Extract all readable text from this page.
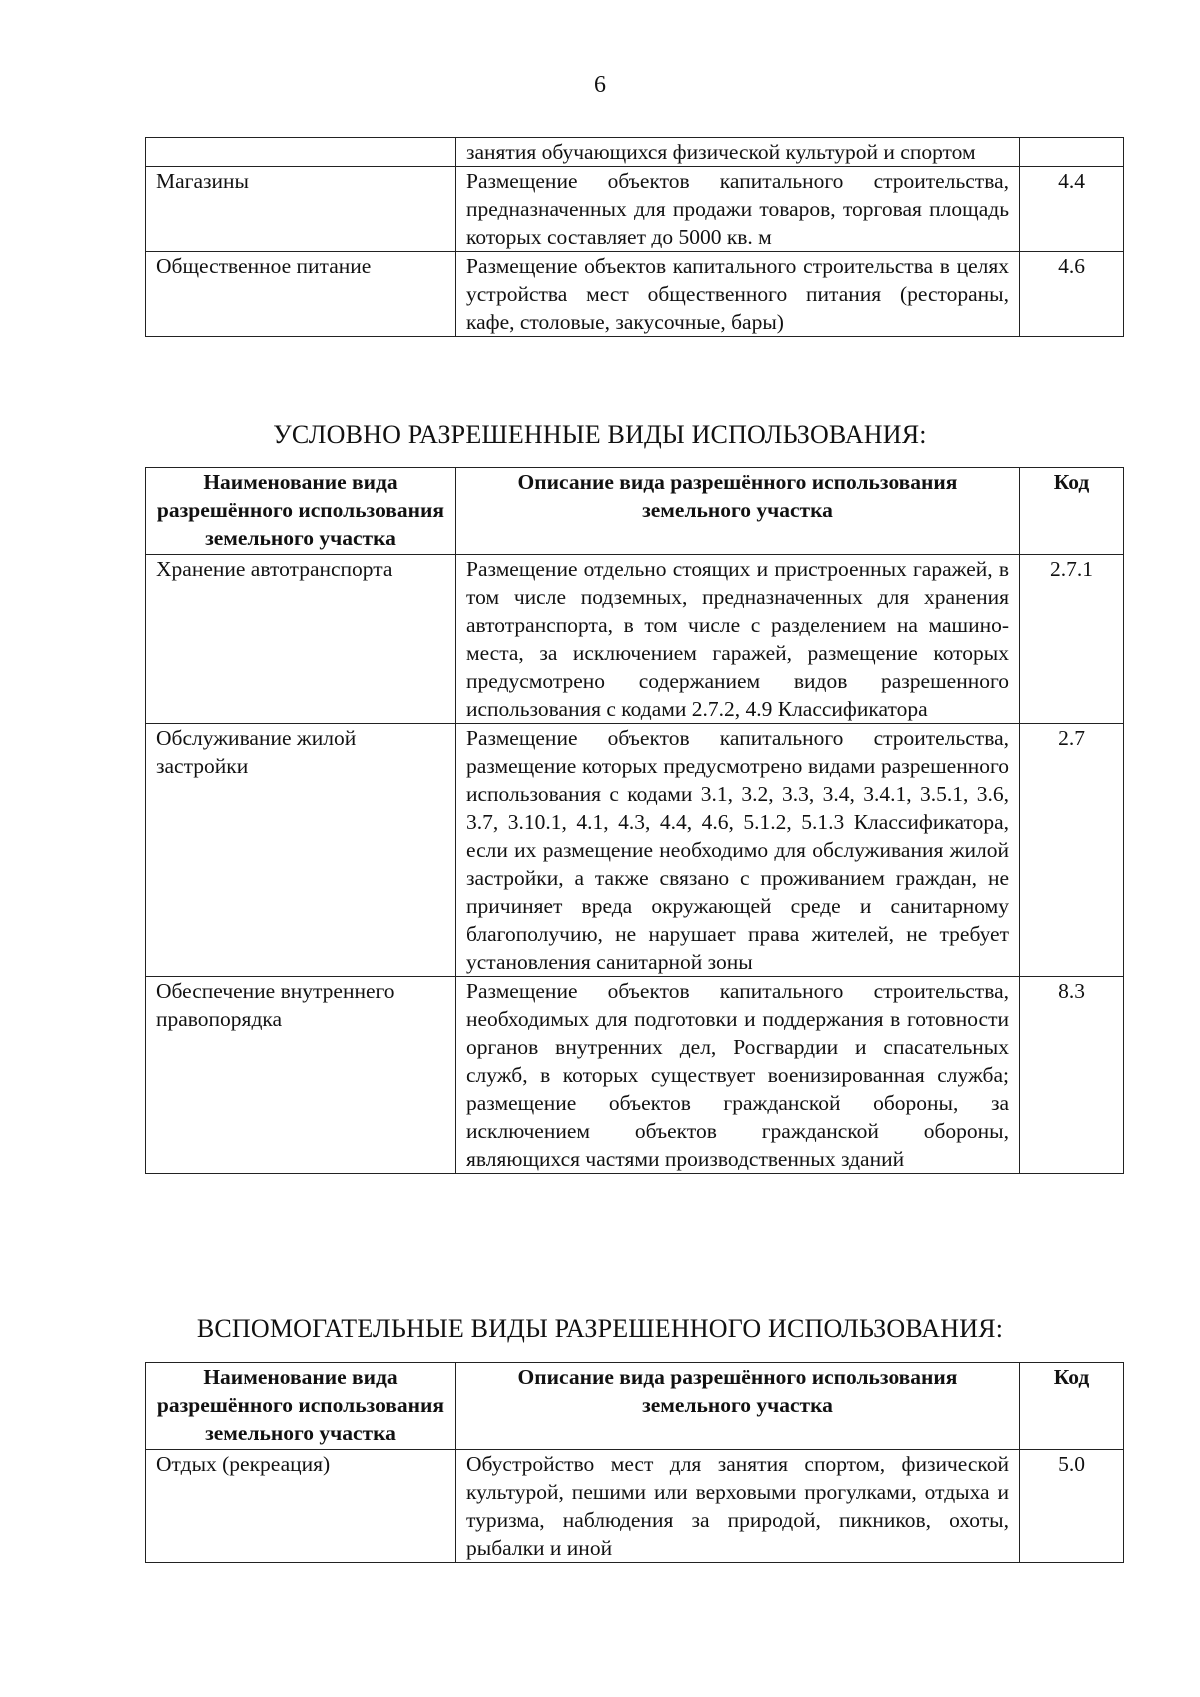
6
	занятия обучающихся физической культурой и спортом	
Магазины	Размещение объектов капитального строительства, предназначенных для продажи товаров, торговая площадь которых составляет до 5000 кв. м	4.4
Общественное питание	Размещение объектов капитального строительства в целях устройства мест общественного питания (рестораны, кафе, столовые, закусочные, бары)	4.6
УСЛОВНО РАЗРЕШЕННЫЕ ВИДЫ ИСПОЛЬЗОВАНИЯ:
Наименование вида разрешённого использования земельного участка	Описание вида разрешённого использования земельного участка	Код
Хранение автотранспорта	Размещение отдельно стоящих и пристроенных гаражей, в том числе подземных, предназначенных для хранения автотранспорта, в том числе с разделением на машино-места, за исключением гаражей, размещение которых предусмотрено содержанием видов разрешенного использования с кодами 2.7.2, 4.9 Классификатора	2.7.1
Обслуживание жилой застройки	Размещение объектов капитального строительства, размещение которых предусмотрено видами разрешенного использования с кодами 3.1, 3.2, 3.3, 3.4, 3.4.1, 3.5.1, 3.6, 3.7, 3.10.1, 4.1, 4.3, 4.4, 4.6, 5.1.2, 5.1.3 Классификатора, если их размещение необходимо для обслуживания жилой застройки, а также связано с проживанием граждан, не причиняет вреда окружающей среде и санитарному благополучию, не нарушает права жителей, не требует установления санитарной зоны	2.7
Обеспечение внутреннего правопорядка	Размещение объектов капитального строительства, необходимых для подготовки и поддержания в готовности органов внутренних дел, Росгвардии и спасательных служб, в которых существует военизированная служба; размещение объектов гражданской обороны, за исключением объектов гражданской обороны, являющихся частями производственных зданий	8.3
ВСПОМОГАТЕЛЬНЫЕ ВИДЫ РАЗРЕШЕННОГО ИСПОЛЬЗОВАНИЯ:
Наименование вида разрешённого использования земельного участка	Описание вида разрешённого использования земельного участка	Код
Отдых (рекреация)	Обустройство мест для занятия спортом, физической культурой, пешими или верховыми прогулками, отдыха и туризма, наблюдения за природой, пикников, охоты, рыбалки и иной	5.0
